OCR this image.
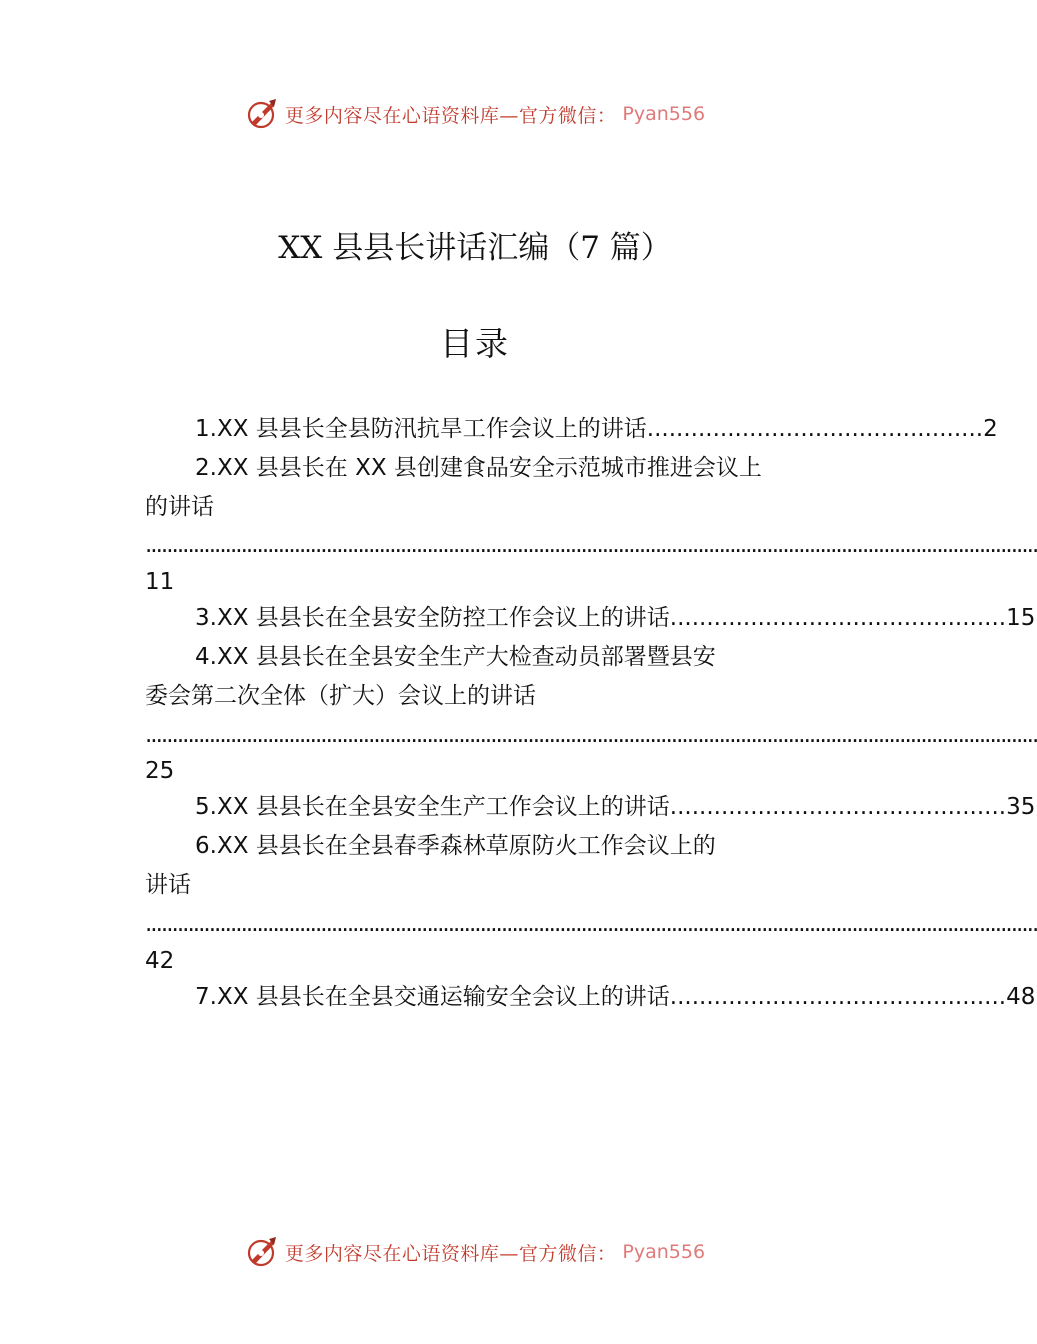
更多内容尽在心语资料库—官方微信： Pyan556
XX 县县长讲话汇编（7 篇）
目录
1.XX 县县长全县防汛抗旱工作会议上的讲话 .............................................. 2
2.XX 县县长在 XX 县创建食品安全示范城市推进会议上
的讲话
........................................................................................................................................................................
11
3.XX 县县长在全县安全防控工作会议上的讲话 .............................................. 15
4.XX 县县长在全县安全生产大检查动员部署暨县安
委会第二次全体（扩大）会议上的讲话
........................................................................................................................................................................
25
5.XX 县县长在全县安全生产工作会议上的讲话 .............................................. 35
6.XX 县县长在全县春季森林草原防火工作会议上的
讲话
........................................................................................................................................................................
42
7.XX 县县长在全县交通运输安全会议上的讲话 .............................................. 48
更多内容尽在心语资料库—官方微信： Pyan556
